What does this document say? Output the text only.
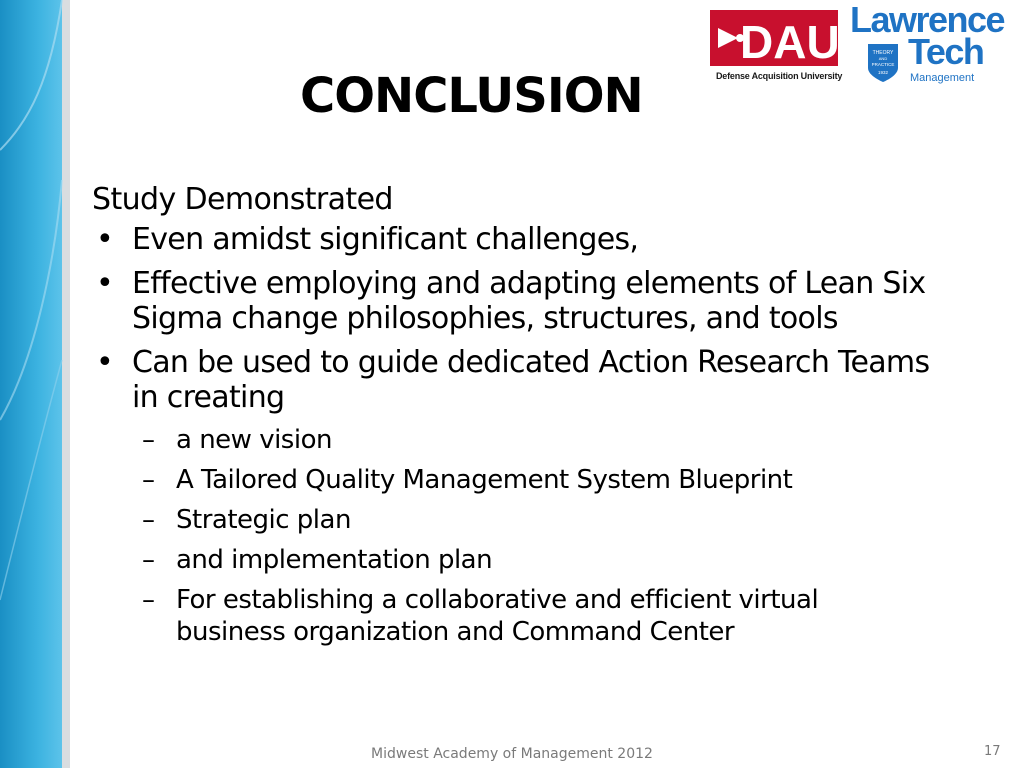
DAU
Defense Acquisition University
Lawrence
Tech
THEORY
AND
PRACTICE
1932 Management
CONCLUSION
Study Demonstrated
• Even amidst significant challenges,
• Effective employing and adapting elements of Lean Six
Sigma change philosophies, structures, and tools
• Can be used to guide dedicated Action Research Teams
in creating
– a new vision
– A Tailored Quality Management System Blueprint
– Strategic plan
– and implementation plan
– For establishing a collaborative and efficient virtual
business organization and Command Center
Midwest Academy of Management 2012	17
